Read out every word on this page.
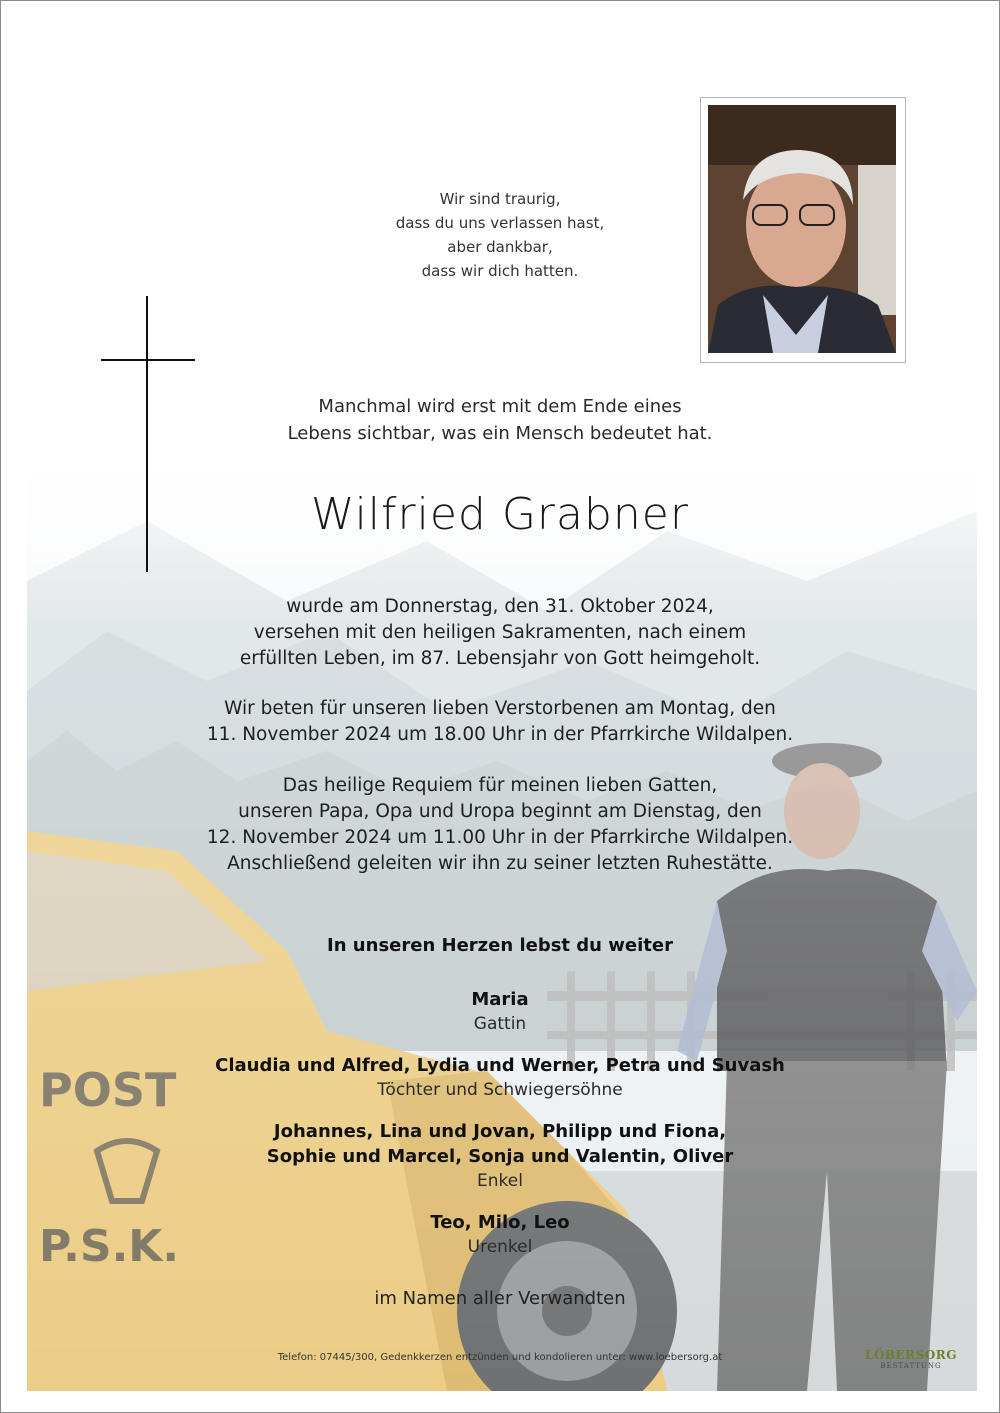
Wir sind traurig,
dass du uns verlassen hast,
aber dankbar,
dass wir dich hatten.
Manchmal wird erst mit dem Ende eines
Lebens sichtbar, was ein Mensch bedeutet hat.
Wilfried Grabner
wurde am Donnerstag, den 31. Oktober 2024,
versehen mit den heiligen Sakramenten, nach einem
erfüllten Leben, im 87. Lebensjahr von Gott heimgeholt.
Wir beten für unseren lieben Verstorbenen am Montag, den
11. November 2024 um 18.00 Uhr in der Pfarrkirche Wildalpen.
Das heilige Requiem für meinen lieben Gatten,
unseren Papa, Opa und Uropa beginnt am Dienstag, den
12. November 2024 um 11.00 Uhr in der Pfarrkirche Wildalpen.
Anschließend geleiten wir ihn zu seiner letzten Ruhestätte.
In unseren Herzen lebst du weiter
Maria
Gattin
Claudia und Alfred, Lydia und Werner, Petra und Suvash
Töchter und Schwiegersöhne
Johannes, Lina und Jovan, Philipp und Fiona,
Sophie und Marcel, Sonja und Valentin, Oliver
Enkel
Teo, Milo, Leo
Urenkel
im Namen aller Verwandten
Telefon: 07445/300, Gedenkkerzen entzünden und kondolieren unter: www.loebersorg.at	LÖBERSORG
BESTATTUNG
